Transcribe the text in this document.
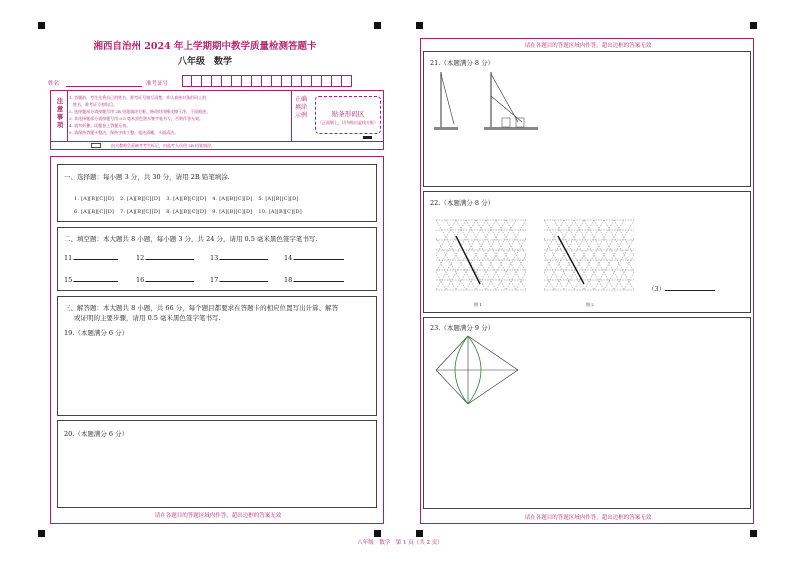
湘西自治州 2024 年上学期期中教学质量检测答题卡
八年级　数学
姓名	准考证号
注意事项
1. 答题前，考生先将自己的姓名、准考证号填写清楚，并认真核对条形码上的
　姓名、准考证号和科目。
2. 选择题部分请按题号用 2B 铅笔填涂方框，修改时用橡皮擦干净，不留痕迹。
3. 非选择题部分请按题号用 0.5 毫米黑色墨水签字笔书写，否则作答无效。
4. 请勿折叠、试题卷上答题无效。
5. 请保持答题卡整洁，保持字体工整、笔迹清晰，卡面清洁。
正确填涂示例	贴条形码区
（正面朝上，切勿贴出虚线方框）
由大教师负责缺考考生标记，由监考人员用 2B 铅笔填涂。
一、选择题：每小题 3 分，共 30 分，请用 2B 铅笔填涂.
1. [A][B][C][D] 2. [A][B][C][D] 3. [A][B][C][D] 4. [A][B][C][D] 5. [A][B][C][D]
6. [A][B][C][D] 7. [A][B][C][D] 8. [A][B][C][D] 9. [A][B][C][D] 10. [A][B][C][D]
二、填空题：本大题共 8 小题，每小题 3 分，共 24 分，请用 0.5 毫米黑色签字笔书写.
11.	12.	13.	14.
15.	16.	17.	18.
三、解答题：本大题共 8 小题，共 66 分，每个题目都要求在答题卡的相应位置写出计算、解答
或证明的主要步骤，请用 0.5 毫米黑色签字笔书写.
19.（本题满分 6 分）
20.（本题满分 6 分）
请在各题目的答题区域内作答，超出边框的答案无效
请在各题目的答题区域内作答，超出边框的答案无效
21.（本题满分 8 分）
22.（本题满分 8 分）
图 1	图 2
（3）
23.（本题满分 9 分）
请在各题目的答题区域内作答，超出边框的答案无效
八年级　数学　第 1 页（共 2 页）
